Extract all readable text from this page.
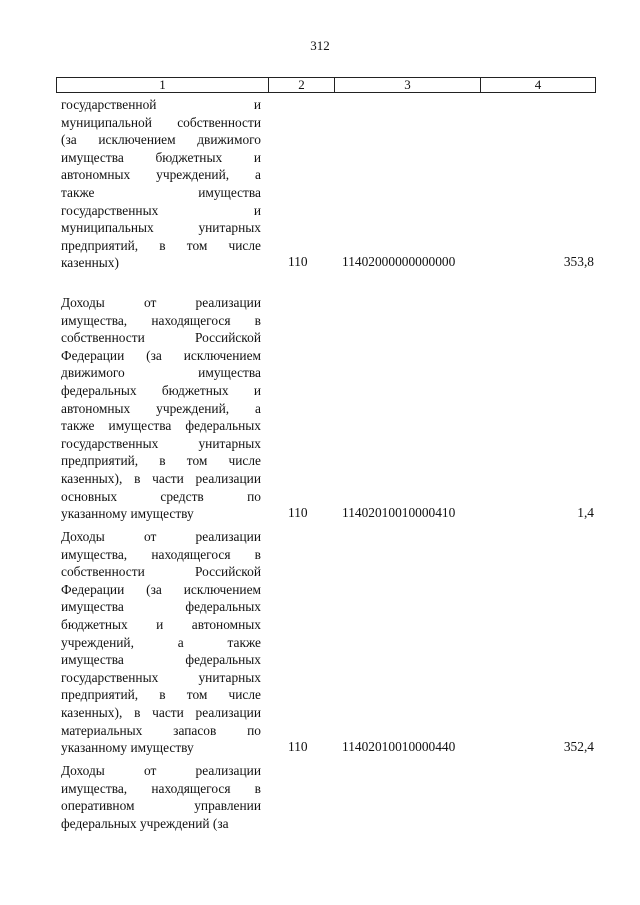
312
1	2	3	4
государственной и
муниципальной собственности
(за исключением движимого
имущества бюджетных и
автономных учреждений, а
также имущества
государственных и
муниципальных унитарных
предприятий, в том числе
казенных)	110	11402000000000000	353,8
Доходы от реализации
имущества, находящегося в
собственности Российской
Федерации (за исключением
движимого имущества
федеральных бюджетных и
автономных учреждений, а
также имущества федеральных
государственных унитарных
предприятий, в том числе
казенных), в части реализации
основных средств по
указанному имуществу	110	11402010010000410	1,4
Доходы от реализации
имущества, находящегося в
собственности Российской
Федерации (за исключением
имущества федеральных
бюджетных и автономных
учреждений, а также
имущества федеральных
государственных унитарных
предприятий, в том числе
казенных), в части реализации
материальных запасов по
указанному имуществу	110	11402010010000440	352,4
Доходы от реализации
имущества, находящегося в
оперативном управлении
федеральных учреждений (за
